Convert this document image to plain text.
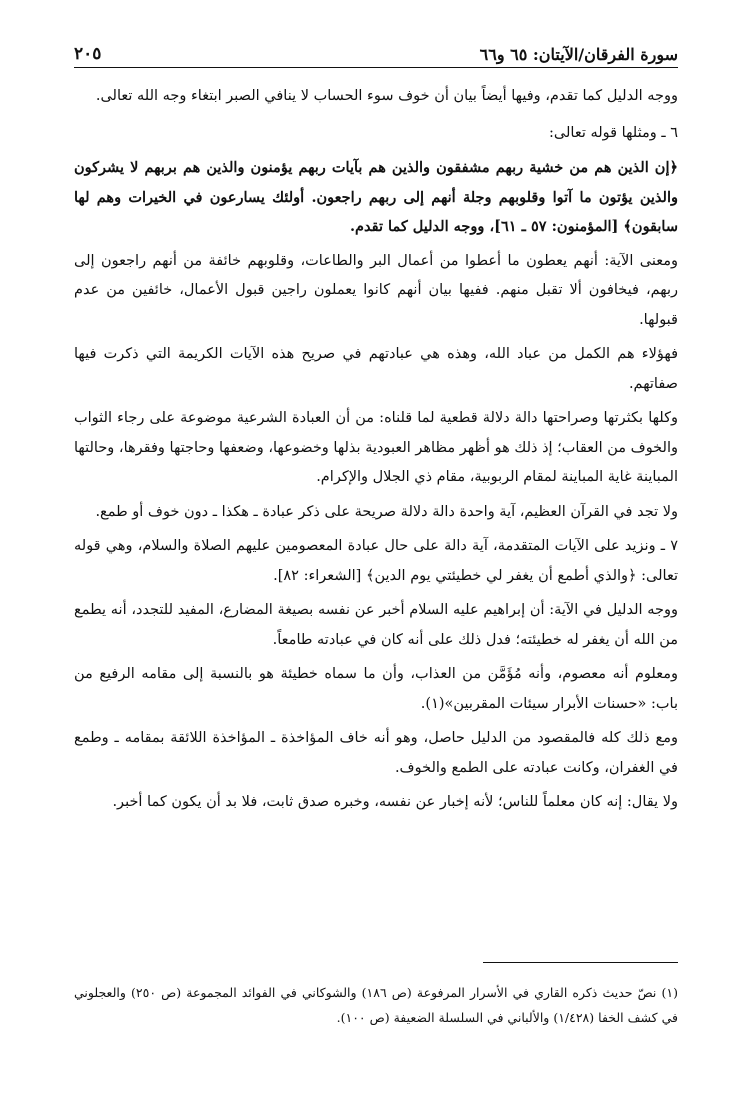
سورة الفرقان/الآيتان: ٦٥ و٦٦
٢٠٥

ووجه الدليل كما تقدم، وفيها أيضاً بيان أن خوف سوء الحساب لا ينافي الصبر ابتغاء وجه الله تعالى.

٦ ـ ومثلها قوله تعالى:

﴿إن الذين هم من خشية ربهم مشفقون والذين هم بآيات ربهم يؤمنون والذين هم بربهم لا يشركون والذين يؤتون ما آتوا وقلوبهم وجلة أنهم إلى ربهم راجعون. أولئك يسارعون في الخيرات وهم لها سابقون﴾ [المؤمنون: ٥٧ ـ ٦١]، ووجه الدليل كما تقدم.

ومعنى الآية: أنهم يعطون ما أعطوا من أعمال البر والطاعات، وقلوبهم خائفة من أنهم راجعون إلى ربهم، فيخافون ألا تقبل منهم. ففيها بيان أنهم كانوا يعملون راجين قبول الأعمال، خائفين من عدم قبولها.

فهؤلاء هم الكمل من عباد الله، وهذه هي عبادتهم في صريح هذه الآيات الكريمة التي ذكرت فيها صفاتهم.

وكلها بكثرتها وصراحتها دالة دلالة قطعية لما قلناه: من أن العبادة الشرعية موضوعة على رجاء الثواب والخوف من العقاب؛ إذ ذلك هو أظهر مظاهر العبودية بذلها وخضوعها، وضعفها وحاجتها وفقرها، وحالتها المباينة غاية المباينة لمقام الربوبية، مقام ذي الجلال والإكرام.

ولا تجد في القرآن العظيم، آية واحدة دالة دلالة صريحة على ذكر عبادة ـ هكذا ـ دون خوف أو طمع.

٧ ـ ونزيد على الآيات المتقدمة، آية دالة على حال عبادة المعصومين عليهم الصلاة والسلام، وهي قوله تعالى: ﴿والذي أطمع أن يغفر لي خطيئتي يوم الدين﴾ [الشعراء: ٨٢].

ووجه الدليل في الآية: أن إبراهيم عليه السلام أخبر عن نفسه بصيغة المضارع، المفيد للتجدد، أنه يطمع من الله أن يغفر له خطيئته؛ فدل ذلك على أنه كان في عبادته طامعاً.

ومعلوم أنه معصوم، وأنه مُؤَمَّن من العذاب، وأن ما سماه خطيئة هو بالنسبة إلى مقامه الرفيع من باب: «حسنات الأبرار سيئات المقربين»(١).

ومع ذلك كله فالمقصود من الدليل حاصل، وهو أنه خاف المؤاخذة ـ المؤاخذة اللائقة بمقامه ـ وطمع في الغفران، وكانت عبادته على الطمع والخوف.

ولا يقال: إنه كان معلماً للناس؛ لأنه إخبار عن نفسه، وخبره صدق ثابت، فلا بد أن يكون كما أخبر.

(١) نصّ حديث ذكره القاري في الأسرار المرفوعة (ص ١٨٦) والشوكاني في الفوائد المجموعة (ص ٢٥٠) والعجلوني في كشف الخفا (١/٤٢٨) والألباني في السلسلة الضعيفة (ص ١٠٠).
